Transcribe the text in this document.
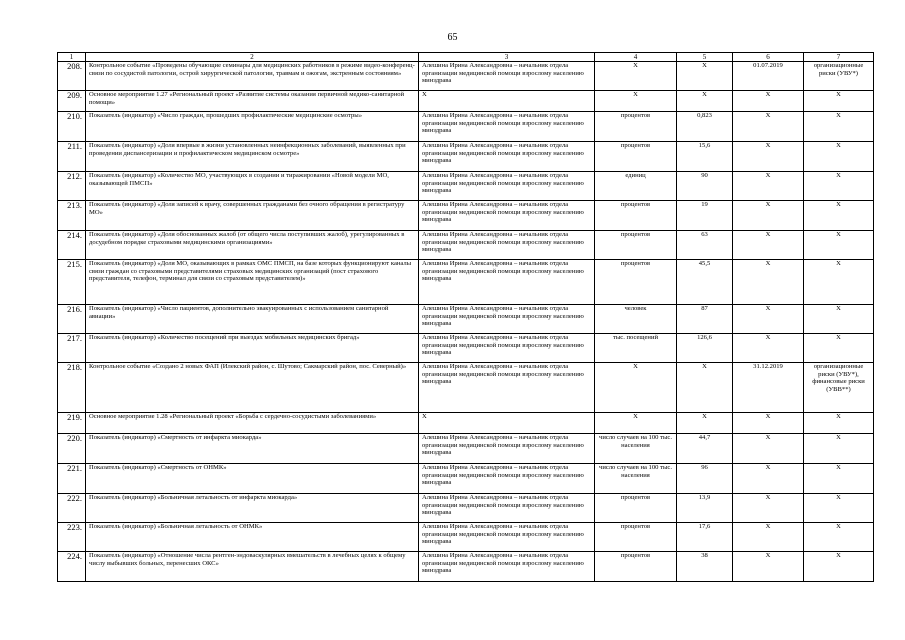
65
1	2	3	4	5	6	7
208.	Контрольное событие «Проведены обучающие семинары для медицинских работников в режиме видео-конференц-связи по сосудистой патологии, острой хирургической патологии, травмам и ожогам, экстренным состояниям»	Алешина Ирина Александровна – начальник отдела организации медицинской помощи взрослому населению минздрава	X	X	01.07.2019	организационные риски (УВУ*)
209.	Основное мероприятие 1.27 «Региональный проект «Развитие системы оказания первичной медико-санитарной помощи»	X	X	X	X	X
210.	Показатель (индикатор) «Число граждан, прошедших профилактические медицинские осмотры»	Алешина Ирина Александровна – начальник отдела организации медицинской помощи взрослому населению минздрава	процентов	0,823	X	X
211.	Показатель (индикатор) «Доля впервые в жизни установленных неинфекционных заболеваний, выявленных при проведении диспансеризации и профилактическом медицинском осмотре»	Алешина Ирина Александровна – начальник отдела организации медицинской помощи взрослому населению минздрава	процентов	15,6	X	X
212.	Показатель (индикатор) «Количество МО, участвующих в создании и тиражировании «Новой модели МО, оказывающей ПМСП»	Алешина Ирина Александровна – начальник отдела организации медицинской помощи взрослому населению минздрава	единиц	90	X	X
213.	Показатель (индикатор) «Доля записей к врачу, совершенных гражданами без очного обращения в регистратуру МО»	Алешина Ирина Александровна – начальник отдела организации медицинской помощи взрослому населению минздрава	процентов	19	X	X
214.	Показатель (индикатор) «Доля обоснованных жалоб (от общего числа поступивших жалоб), урегулированных в досудебном порядке страховыми медицинскими организациями»	Алешина Ирина Александровна – начальник отдела организации медицинской помощи взрослому населению минздрава	процентов	63	X	X
215.	Показатель (индикатор) «Доля МО, оказывающих в рамках ОМС ПМСП, на базе которых функционируют каналы связи граждан со страховыми представителями страховых медицинских организаций (пост страхового представителя, телефон, терминал для связи со страховым представителем)»	Алешина Ирина Александровна – начальник отдела организации медицинской помощи взрослому населению минздрава	процентов	45,5	X	X
216.	Показатель (индикатор) «Число пациентов, дополнительно эвакуированных с использованием санитарной авиации»	Алешина Ирина Александровна – начальник отдела организации медицинской помощи взрослому населению минздрава	человек	87	X	X
217.	Показатель (индикатор) «Количество посещений при выездах мобильных медицинских бригад»	Алешина Ирина Александровна – начальник отдела организации медицинской помощи взрослому населению минздрава	тыс. посещений	126,6	X	X
218.	Контрольное событие «Создано 2 новых ФАП (Илекский район, с. Шутово; Сакмарский район, пос. Северный)»	Алешина Ирина Александровна – начальник отдела организации медицинской помощи взрослому населению минздрава	X	X	31.12.2019	организационные риски (УВУ*), финансовые риски (УВВ**)
219.	Основное мероприятие 1.28 «Региональный проект «Борьба с сердечно-сосудистыми заболеваниями»	X	X	X	X	X
220.	Показатель (индикатор) «Смертность от инфаркта миокарда»	Алешина Ирина Александровна – начальник отдела организации медицинской помощи взрослому населению минздрава	число случаев на 100 тыс. населения	44,7	X	X
221.	Показатель (индикатор) «Смертность от ОНМК»	Алешина Ирина Александровна – начальник отдела организации медицинской помощи взрослому населению минздрава	число случаев на 100 тыс. населения	96	X	X
222.	Показатель (индикатор) «Больничная летальность от инфаркта миокарда»	Алешина Ирина Александровна – начальник отдела организации медицинской помощи взрослому населению минздрава	процентов	13,9	X	X
223.	Показатель (индикатор) «Больничная летальность от ОНМК»	Алешина Ирина Александровна – начальник отдела организации медицинской помощи взрослому населению минздрава	процентов	17,6	X	X
224.	Показатель (индикатор) «Отношение числа рентген-эндоваскулярных вмешательств в лечебных целях к общему числу выбывших больных, перенесших ОКС»	Алешина Ирина Александровна – начальник отдела организации медицинской помощи взрослому населению минздрава	процентов	38	X	X
